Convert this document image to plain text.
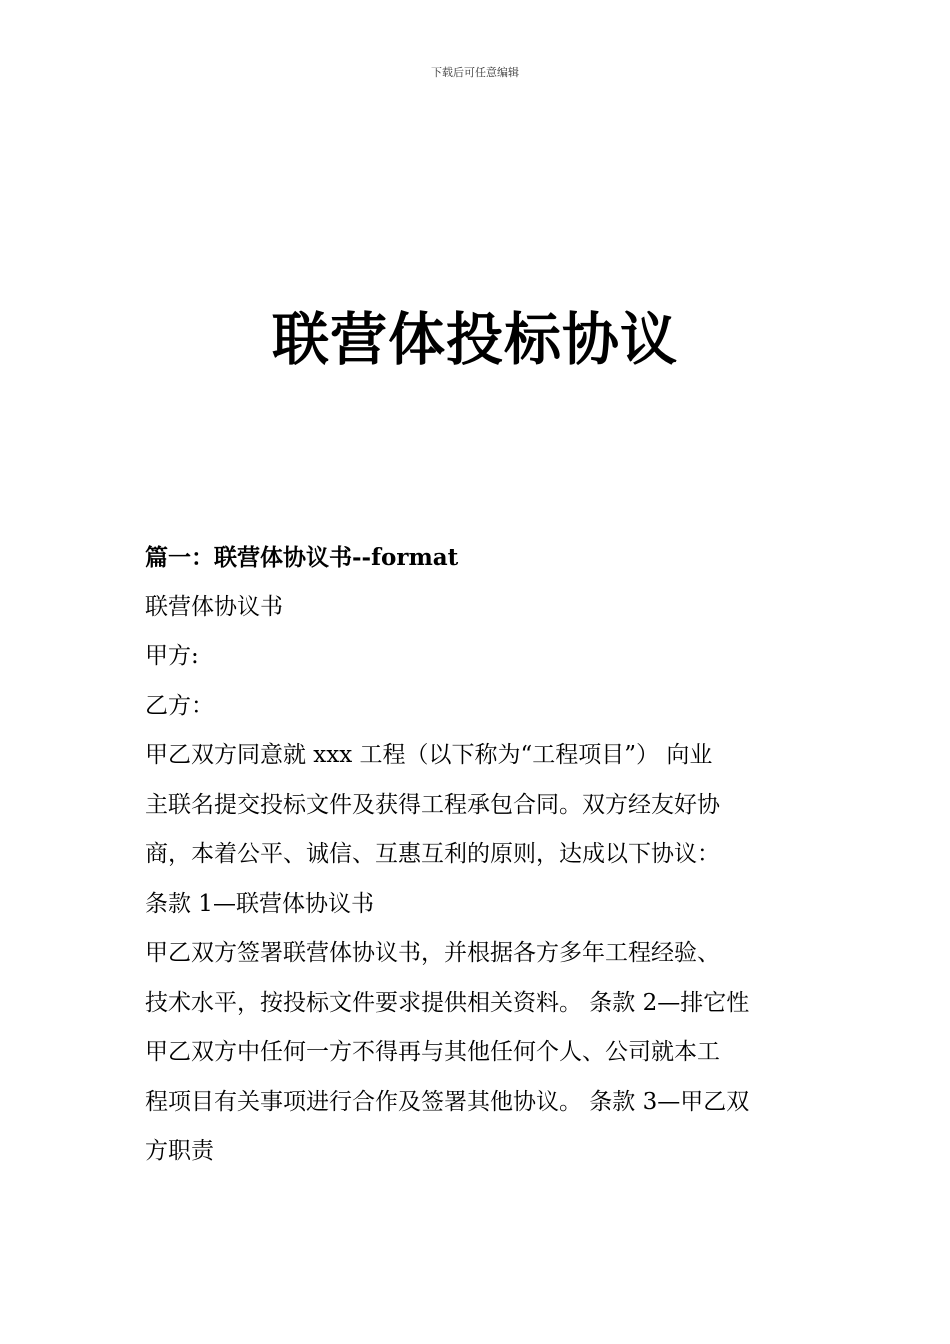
下载后可任意编辑
联营体投标协议
篇一：联营体协议书--format
联营体协议书
甲方:
乙方：
甲乙双方同意就 xxx 工程（以下称为“工程项目”） 向业
主联名提交投标文件及获得工程承包合同。双方经友好协
商，本着公平、诚信、互惠互利的原则，达成以下协议：
条款 1—联营体协议书
甲乙双方签署联营体协议书，并根据各方多年工程经验、
技术水平，按投标文件要求提供相关资料。 条款 2—排它性
甲乙双方中任何一方不得再与其他任何个人、公司就本工
程项目有关事项进行合作及签署其他协议。 条款 3—甲乙双
方职责
